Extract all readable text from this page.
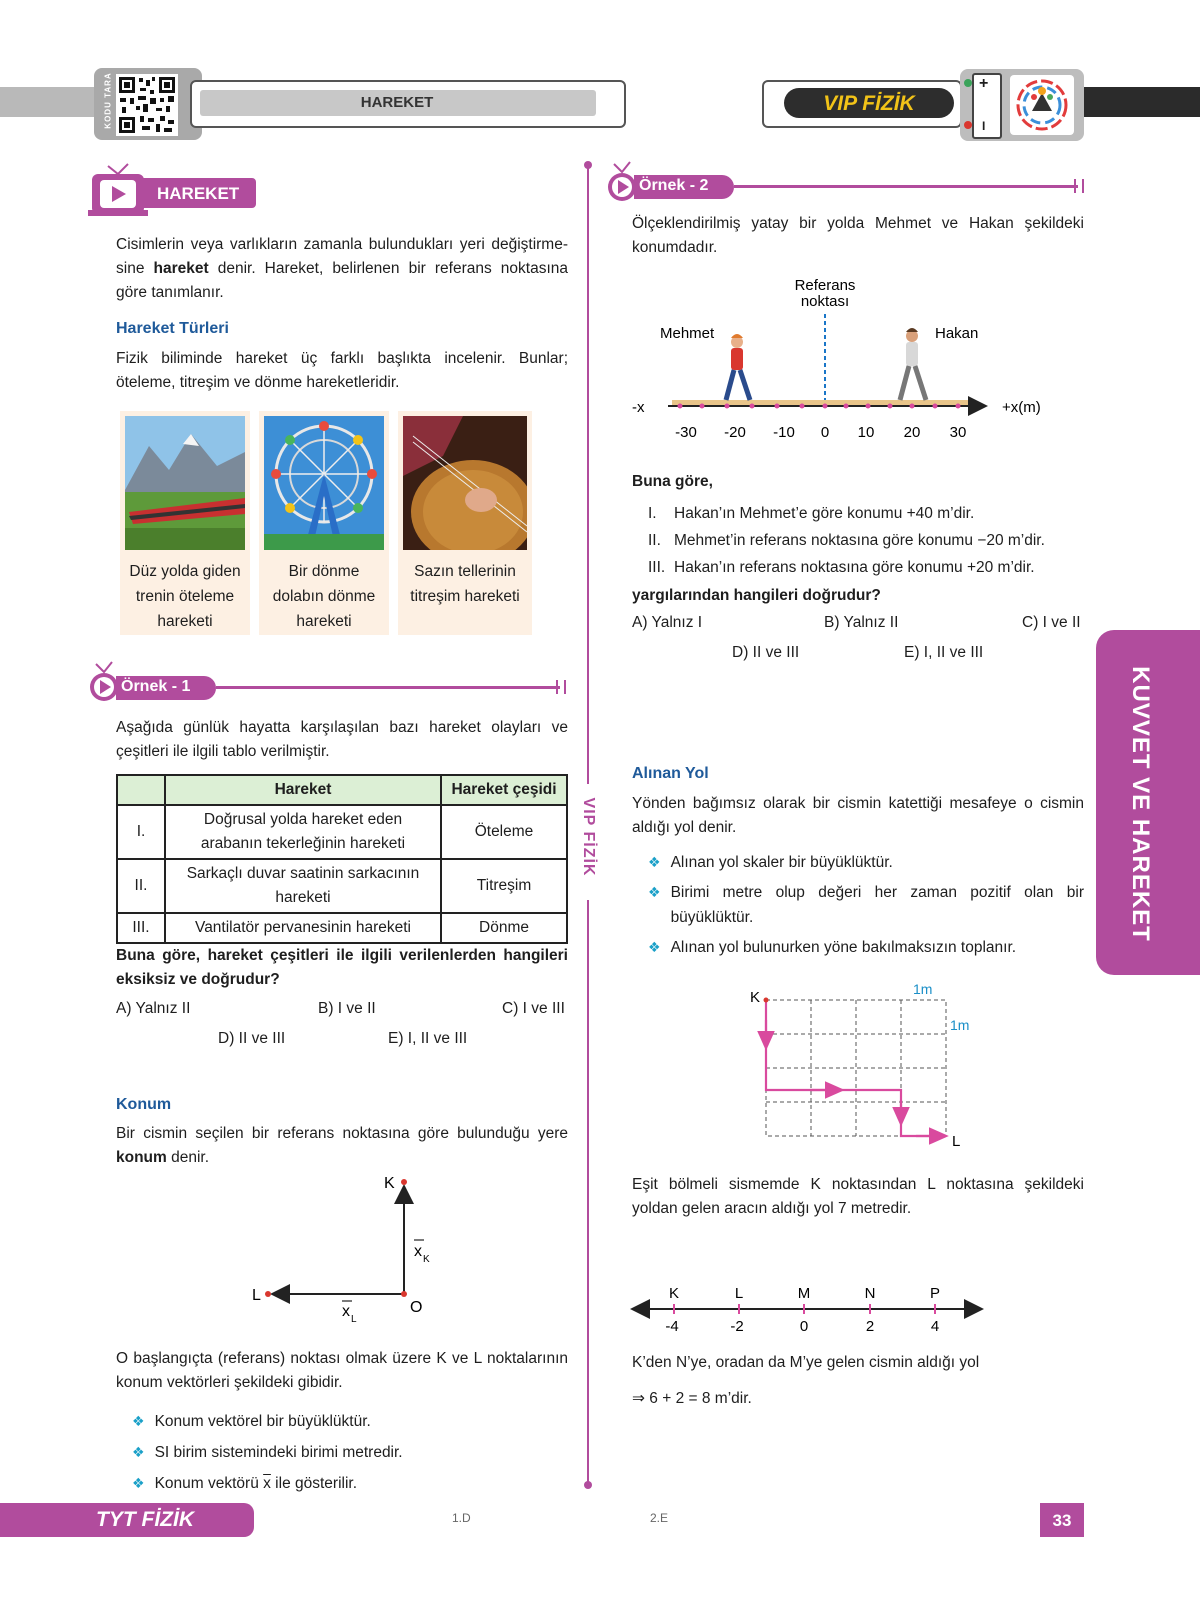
KODU TARA	HAREKET	VIP FİZİK
+
I
HAREKET

Cisimlerin veya varlıkların zamanla bulundukları yeri değiştirme-sine hareket denir. Hareket, belirlenen bir referans noktasına göre tanımlanır.

Hareket Türleri

Fizik biliminde hareket üç farklı başlıkta incelenir. Bunlar; öteleme, titreşim ve dönme hareketleridir.

Düz yolda giden trenin öteleme hareketi
Bir dönme dolabın dönme hareketi
Sazın tellerinin titreşim hareketi
Örnek - 1

Aşağıda günlük hayatta karşılaşılan bazı hareket olayları ve çeşitleri ile ilgili tablo verilmiştir.

	Hareket	Hareket çeşidi
I.	Doğrusal yolda hareket eden arabanın tekerleğinin hareketi	Öteleme
II.	Sarkaçlı duvar saatinin sarkacının hareketi	Titreşim
III.	Vantilatör pervanesinin hareketi	Dönme

Buna göre, hareket çeşitleri ile ilgili verilenlerden hangileri eksiksiz ve doğrudur?

A) Yalnız II	B) I ve II	C) I ve III
D) II ve III	E) I, II ve III
Konum

Bir cismin seçilen bir referans noktasına göre bulunduğu yere konum denir.

K
L
O
x K
x L

O başlangıçta (referans) noktası olmak üzere K ve L noktalarının konum vektörleri şekildeki gibidir.

❖ Konum vektörel bir büyüklüktür.
❖ SI birim sistemindeki birimi metredir.
❖ Konum vektörü $\overline{x}$ ile gösterilir.
VIP FİZİK
Örnek - 2

Ölçeklendirilmiş yatay bir yolda Mehmet ve Hakan şekildeki konumdadır.

Referans
noktası
Mehmet	Hakan
-x	+x(m)
-30 -20 -10 0 10 20 30
Buna göre,
I. Hakan’ın Mehmet’e göre konumu +40 m’dir.
II. Mehmet’in referans noktasına göre konumu −20 m’dir.
III. Hakan’ın referans noktasına göre konumu +20 m’dir.
yargılarından hangileri doğrudur?
A) Yalnız I	B) Yalnız II	C) I ve II
D) II ve III	E) I, II ve III
Alınan Yol

Yönden bağımsız olarak bir cismin katettiği mesafeye o cismin aldığı yol denir.

❖ Alınan yol skaler bir büyüklüktür.
❖ Birimi metre olup değeri her zaman pozitif olan bir büyüklüktür.
❖ Alınan yol bulunurken yöne bakılmaksızın toplanır.
K
L
1m
1m

Eşit bölmeli sismemde K noktasından L noktasına şekildeki yoldan gelen aracın aldığı yol 7 metredir.

K	L	M	N	P
-4	-2	0	2	4

K’den N’ye, oradan da M’ye gelen cismin aldığı yol

⇒ 6 + 2 = 8 m’dir.

KUVVET VE HAREKET
TYT FİZİK	1.D	2.E	33
